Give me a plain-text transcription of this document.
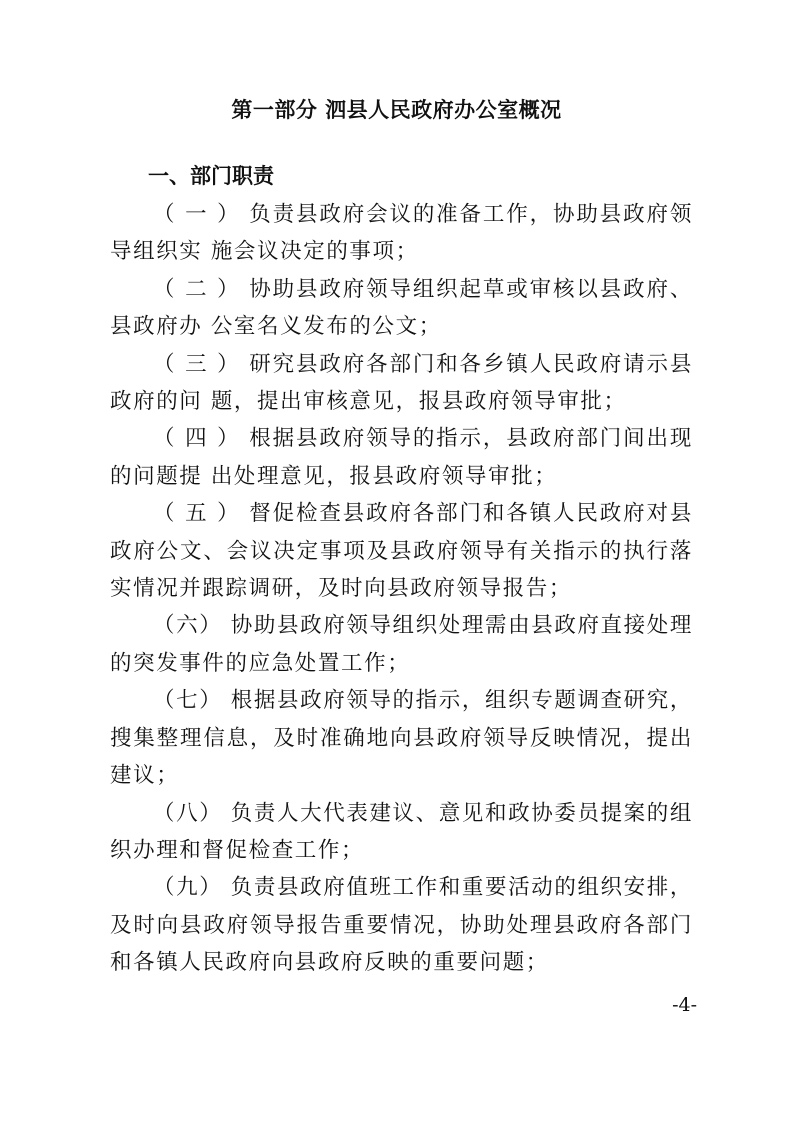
第一部分 泗县人民政府办公室概况
一、部门职责

（ 一 ） 负责县政府会议的准备工作，协助县政府领导组织实 施会议决定的事项；

（ 二 ） 协助县政府领导组织起草或审核以县政府、县政府办 公室名义发布的公文；

（ 三 ） 研究县政府各部门和各乡镇人民政府请示县政府的问 题，提出审核意见，报县政府领导审批；

（ 四 ） 根据县政府领导的指示，县政府部门间出现的问题提 出处理意见，报县政府领导审批；

（ 五 ） 督促检查县政府各部门和各镇人民政府对县政府公文、会议决定事项及县政府领导有关指示的执行落实情况并跟踪调研，及时向县政府领导报告；

（六） 协助县政府领导组织处理需由县政府直接处理的突发事件的应急处置工作；

（七） 根据县政府领导的指示，组织专题调查研究，搜集整理信息，及时准确地向县政府领导反映情况，提出建议；

（八） 负责人大代表建议、意见和政协委员提案的组织办理和督促检查工作；

（九） 负责县政府值班工作和重要活动的组织安排，及时向县政府领导报告重要情况，协助处理县政府各部门和各镇人民政府向县政府反映的重要问题；

-4-
